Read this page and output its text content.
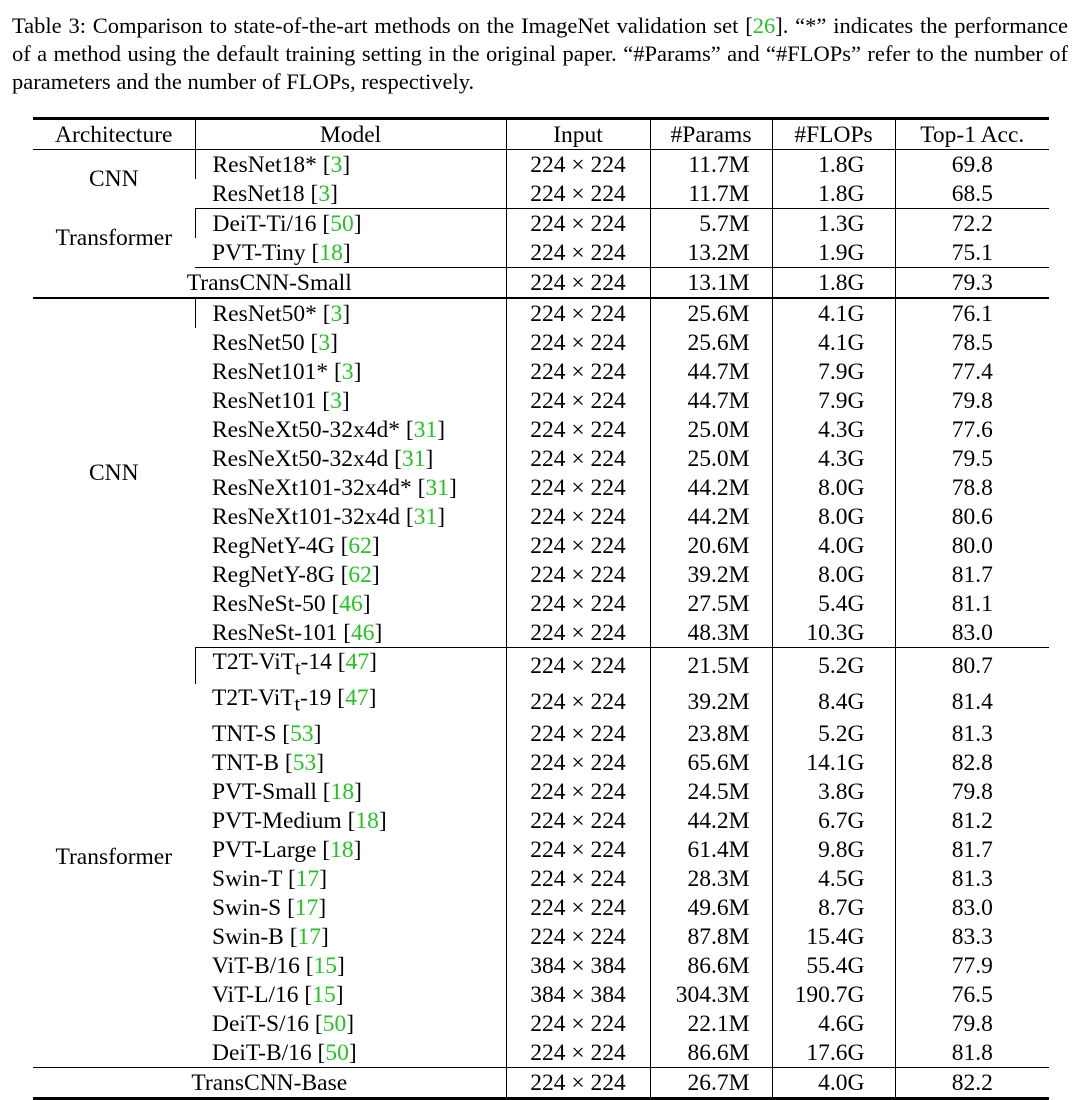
Table 3: Comparison to state-of-the-art methods on the ImageNet validation set [26]. “*” indicates the performance of a method using the default training setting in the original paper. “#Params” and “#FLOPs” refer to the number of parameters and the number of FLOPs, respectively.
Architecture	Model	Input	#Params	#FLOPs	Top-1 Acc.
CNN	ResNet18* [3]	224 × 224	11.7M	1.8G	69.8
	ResNet18 [3]	224 × 224	11.7M	1.8G	68.5
Transformer	DeiT-Ti/16 [50]	224 × 224	5.7M	1.3G	72.2
	PVT-Tiny [18]	224 × 224	13.2M	1.9G	75.1
TransCNN-Small		224 × 224	13.1M	1.8G	79.3
CNN	ResNet50* [3]	224 × 224	25.6M	4.1G	76.1
	ResNet50 [3]	224 × 224	25.6M	4.1G	78.5
	ResNet101* [3]	224 × 224	44.7M	7.9G	77.4
	ResNet101 [3]	224 × 224	44.7M	7.9G	79.8
	ResNeXt50-32x4d* [31]	224 × 224	25.0M	4.3G	77.6
	ResNeXt50-32x4d [31]	224 × 224	25.0M	4.3G	79.5
	ResNeXt101-32x4d* [31]	224 × 224	44.2M	8.0G	78.8
	ResNeXt101-32x4d [31]	224 × 224	44.2M	8.0G	80.6
	RegNetY-4G [62]	224 × 224	20.6M	4.0G	80.0
	RegNetY-8G [62]	224 × 224	39.2M	8.0G	81.7
	ResNeSt-50 [46]	224 × 224	27.5M	5.4G	81.1
	ResNeSt-101 [46]	224 × 224	48.3M	10.3G	83.0
Transformer	T2T-ViT$_t$-14 [47]	224 × 224	21.5M	5.2G	80.7
	T2T-ViT$_t$-19 [47]	224 × 224	39.2M	8.4G	81.4
	TNT-S [53]	224 × 224	23.8M	5.2G	81.3
	TNT-B [53]	224 × 224	65.6M	14.1G	82.8
	PVT-Small [18]	224 × 224	24.5M	3.8G	79.8
	PVT-Medium [18]	224 × 224	44.2M	6.7G	81.2
	PVT-Large [18]	224 × 224	61.4M	9.8G	81.7
	Swin-T [17]	224 × 224	28.3M	4.5G	81.3
	Swin-S [17]	224 × 224	49.6M	8.7G	83.0
	Swin-B [17]	224 × 224	87.8M	15.4G	83.3
	ViT-B/16 [15]	384 × 384	86.6M	55.4G	77.9
	ViT-L/16 [15]	384 × 384	304.3M	190.7G	76.5
	DeiT-S/16 [50]	224 × 224	22.1M	4.6G	79.8
	DeiT-B/16 [50]	224 × 224	86.6M	17.6G	81.8
TransCNN-Base		224 × 224	26.7M	4.0G	82.2
